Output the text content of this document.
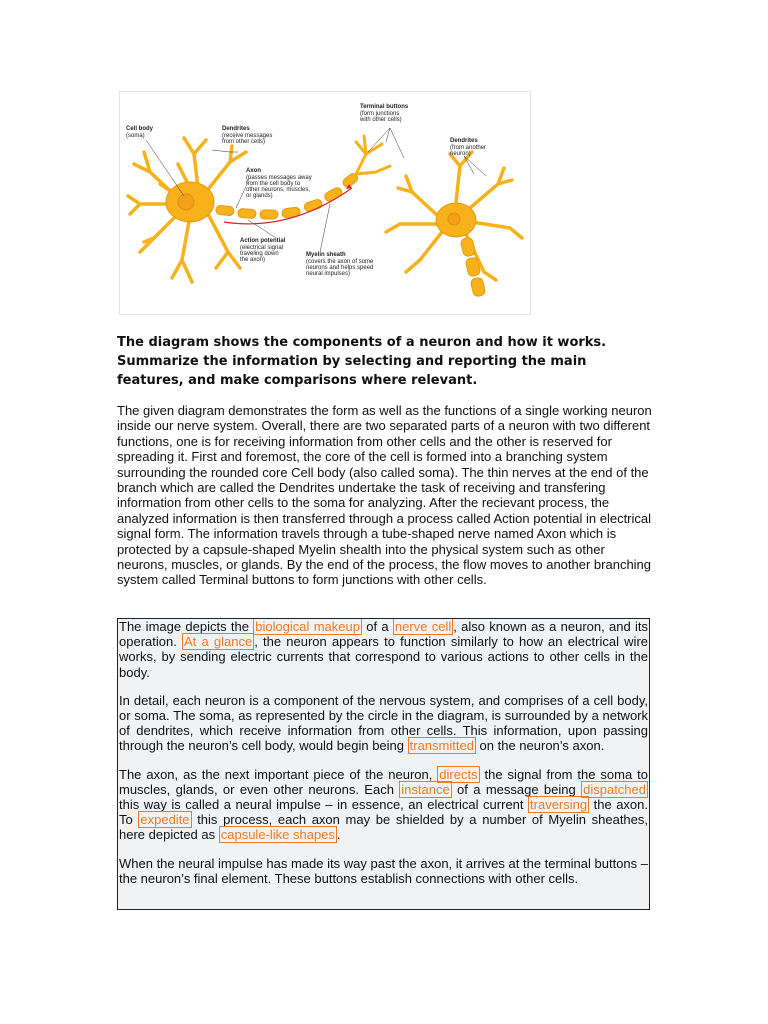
Cell body
(soma)
Dendrites
(receive messages
from other cells)
Axon
(passes messages away
from the cell body to
other neurons, muscles,
or glands)
Action potential
(electrical signal
traveling down
the axon)
Myelin sheath
(covers the axon of some
neurons and helps speed
neural impulses)
Terminal buttons
(form junctions
with other cells)
Dendrites
(from another
neuron)
The diagram shows the components of a neuron and how it works. Summarize the information by selecting and reporting the main features, and make comparisons where relevant.
The given diagram demonstrates the form as well as the functions of a single working neuron inside our nerve system. Overall, there are two separated parts of a neuron with two different functions, one is for receiving information from other cells and the other is reserved for spreading it. First and foremost, the core of the cell is formed into a branching system surrounding the rounded core Cell body (also called soma). The thin nerves at the end of the branch which are called the Dendrites undertake the task of receiving and transfering information from other cells to the soma for analyzing. After the recievant process, the analyzed information is then transferred through a process called Action potential in electrical signal form. The information travels through a tube-shaped nerve named Axon which is protected by a capsule-shaped Myelin shealth into the physical system such as other neurons, muscles, or glands. By the end of the process, the flow moves to another branching system called Terminal buttons to form junctions with other cells.

The image depicts the biological makeup of a nerve cell , also known as a neuron, and its operation. At a glance , the neuron appears to function similarly to how an electrical wire works, by sending electric currents that correspond to various actions to other cells in the body.

In detail, each neuron is a component of the nervous system, and comprises of a cell body, or soma. The soma, as represented by the circle in the diagram, is surrounded by a network of dendrites, which receive information from other cells. This information, upon passing through the neuron’s cell body, would begin being transmitted on the neuron’s axon.

The axon, as the next important piece of the neuron, directs the signal from the soma to muscles, glands, or even other neurons. Each instance of a message being dispatched this way is called a neural impulse – in essence, an electrical current traversing the axon. To expedite this process, each axon may be shielded by a number of Myelin sheathes, here depicted as capsule-like shapes .

When the neural impulse has made its way past the axon, it arrives at the terminal buttons – the neuron’s final element. These buttons establish connections with other cells.
